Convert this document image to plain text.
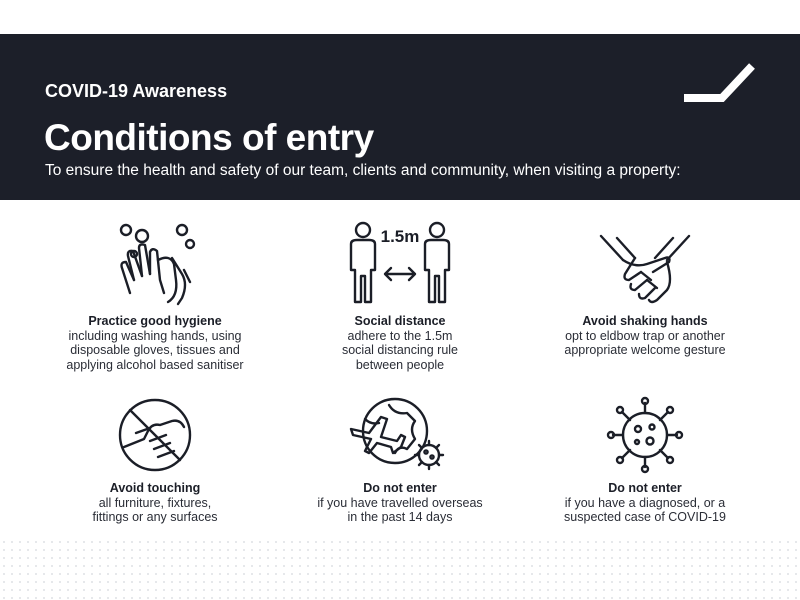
COVID-19 Awareness
Conditions of entry
To ensure the health and safety of our team, clients and community, when visiting a property:
Practice good hygiene
including washing hands, using
disposable gloves, tissues and
applying alcohol based sanitiser
1.5m
Social distance
adhere to the 1.5m
social distancing rule
between people
Avoid shaking hands
opt to eldbow trap or another
appropriate welcome gesture
Avoid touching
all furniture, fixtures,
fittings or any surfaces
Do not enter
if you have travelled overseas
in the past 14 days
Do not enter
if you have a diagnosed, or a
suspected case of COVID-19
